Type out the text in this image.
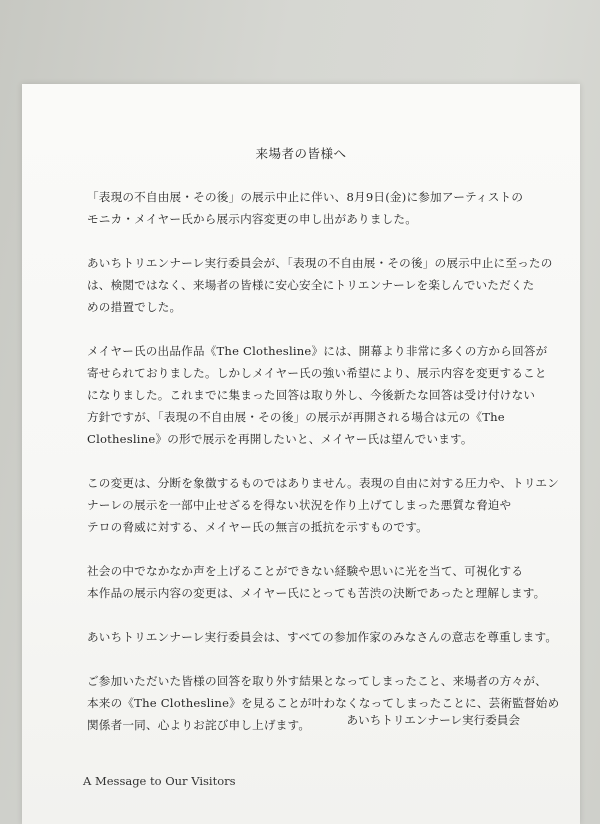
来場者の皆様へ
「表現の不自由展・その後」の展示中止に伴い、8月9日(金)に参加アーティストの
モニカ・メイヤー氏から展示内容変更の申し出がありました。
あいちトリエンナーレ実行委員会が、「表現の不自由展・その後」の展示中止に至ったの
は、検閲ではなく、来場者の皆様に安心安全にトリエンナーレを楽しんでいただくた
めの措置でした。
メイヤー氏の出品作品《The Clothesline》には、開幕より非常に多くの方から回答が
寄せられておりました。しかしメイヤー氏の強い希望により、展示内容を変更すること
になりました。これまでに集まった回答は取り外し、今後新たな回答は受け付けない
方針ですが、「表現の不自由展・その後」の展示が再開される場合は元の《The
Clothesline》の形で展示を再開したいと、メイヤー氏は望んでいます。
この変更は、分断を象徴するものではありません。表現の自由に対する圧力や、トリエン
ナーレの展示を一部中止せざるを得ない状況を作り上げてしまった悪質な脅迫や
テロの脅威に対する、メイヤー氏の無言の抵抗を示すものです。
社会の中でなかなか声を上げることができない経験や思いに光を当て、可視化する
本作品の展示内容の変更は、メイヤー氏にとっても苦渋の決断であったと理解します。
あいちトリエンナーレ実行委員会は、すべての参加作家のみなさんの意志を尊重します。
ご参加いただいた皆様の回答を取り外す結果となってしまったこと、来場者の方々が、
本来の《The Clothesline》を見ることが叶わなくなってしまったことに、芸術監督始め
関係者一同、心よりお詫び申し上げます。	あいちトリエンナーレ実行委員会
A Message to Our Visitors
